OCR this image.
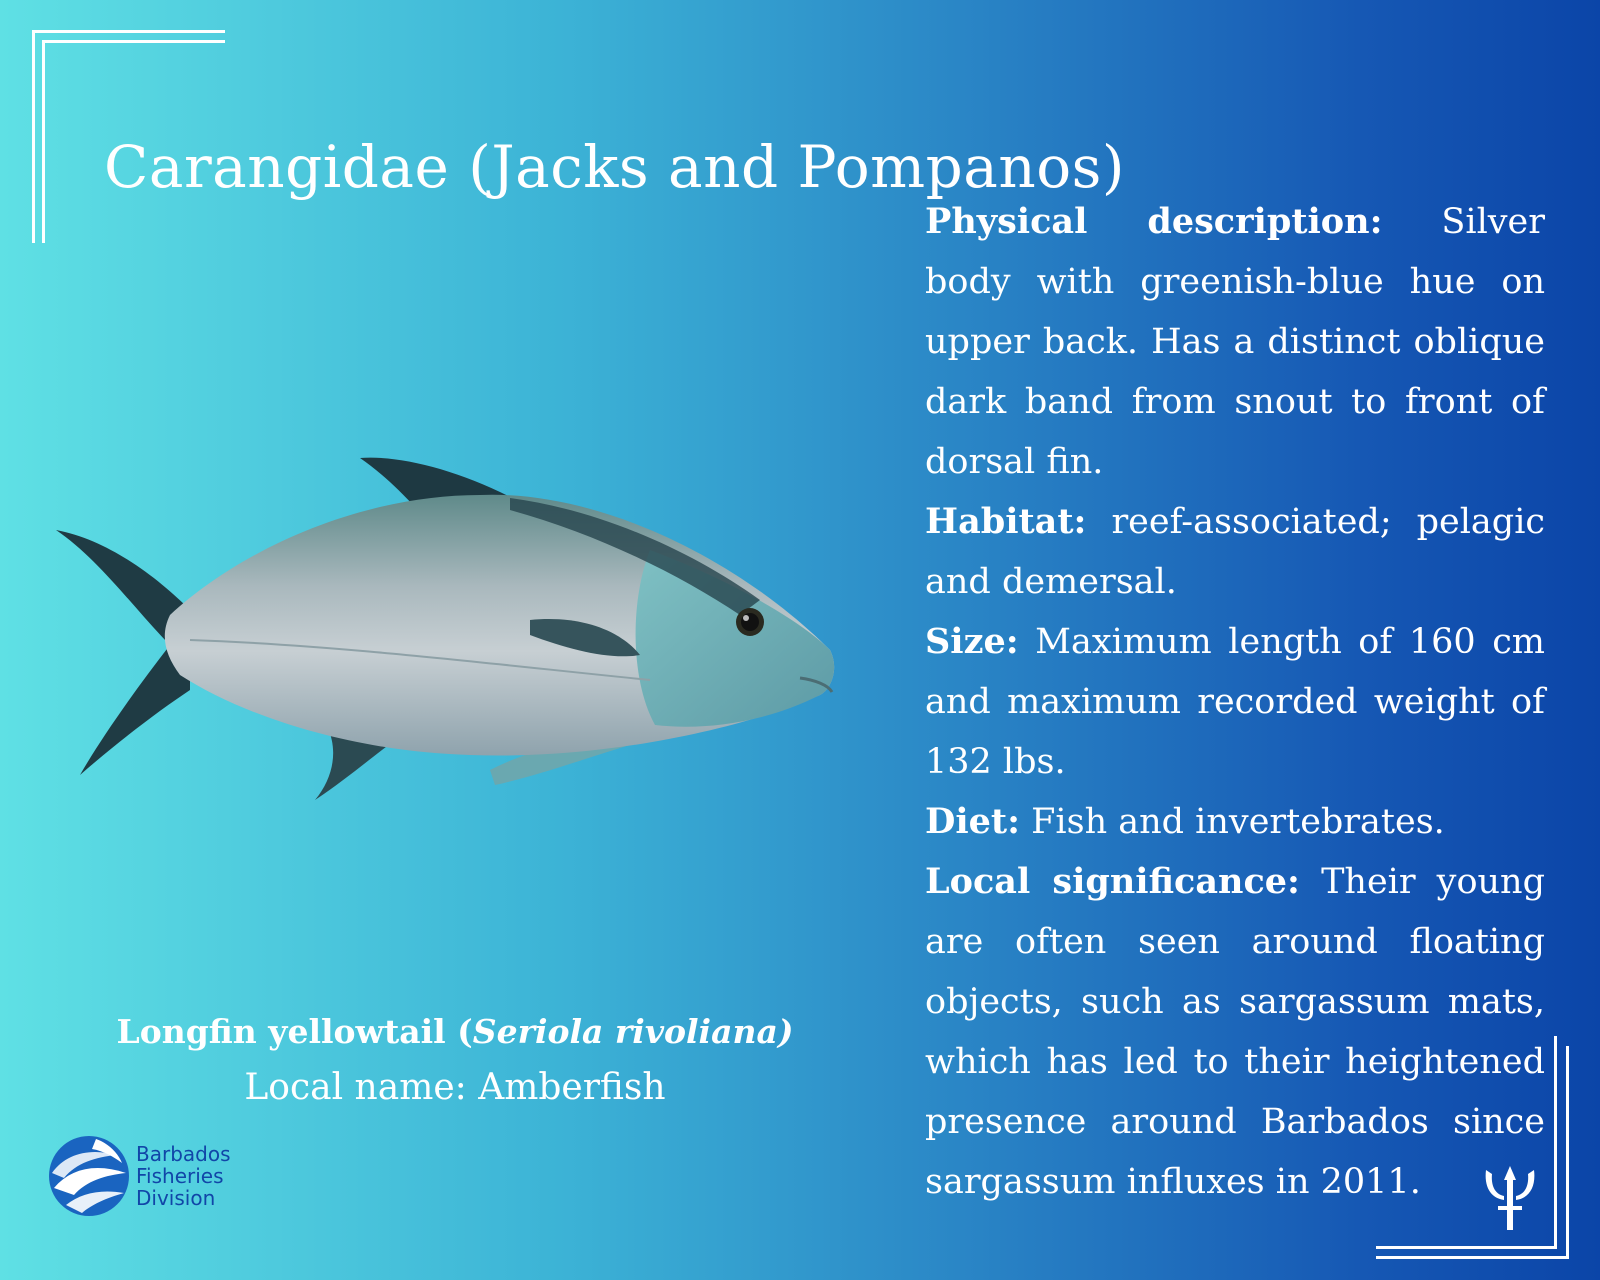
Carangidae (Jacks and Pompanos)
Longfin yellowtail (Seriola rivoliana)
Local name: Amberfish
Barbados
Fisheries
Division

Physical description: Silver body with greenish-blue hue on upper back. Has a distinct oblique dark band from snout to front of dorsal fin.

Habitat: reef-associated; pelagic and demersal.

Size: Maximum length of 160 cm and maximum recorded weight of 132 lbs.

Diet: Fish and invertebrates.

Local significance: Their young are often seen around floating objects, such as sargassum mats, which has led to their heightened presence around Barbados since sargassum influxes in 2011.
